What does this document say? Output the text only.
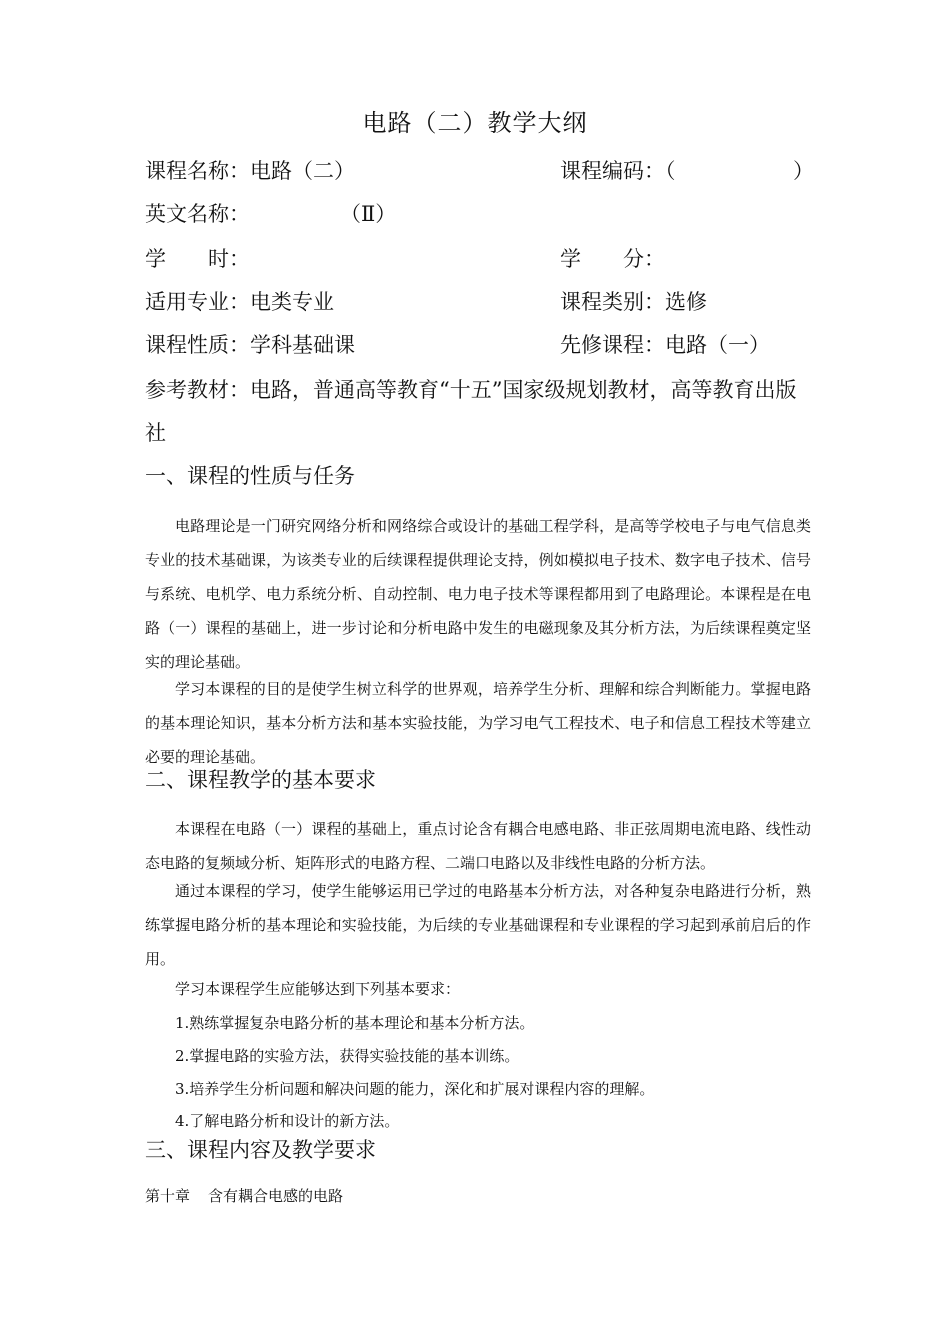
电路（二）教学大纲
课程名称：电路（二）	课程编码：（	）
英文名称：	（Ⅱ）
学　　时：	学　　分：
适用专业：电类专业	课程类别：选修
课程性质：学科基础课	先修课程：电路（一）
参考教材：电路，普通高等教育“十五”国家级规划教材，高等教育出版社
一、课程的性质与任务
电路理论是一门研究网络分析和网络综合或设计的基础工程学科，是高等学校电子与电气信息类专业的技术基础课，为该类专业的后续课程提供理论支持，例如模拟电子技术、数字电子技术、信号与系统、电机学、电力系统分析、自动控制、电力电子技术等课程都用到了电路理论。本课程是在电路（一）课程的基础上，进一步讨论和分析电路中发生的电磁现象及其分析方法，为后续课程奠定坚实的理论基础。
学习本课程的目的是使学生树立科学的世界观，培养学生分析、理解和综合判断能力。掌握电路的基本理论知识，基本分析方法和基本实验技能，为学习电气工程技术、电子和信息工程技术等建立必要的理论基础。
二、课程教学的基本要求
本课程在电路（一）课程的基础上，重点讨论含有耦合电感电路、非正弦周期电流电路、线性动态电路的复频域分析、矩阵形式的电路方程、二端口电路以及非线性电路的分析方法。
通过本课程的学习，使学生能够运用已学过的电路基本分析方法，对各种复杂电路进行分析，熟练掌握电路分析的基本理论和实验技能，为后续的专业基础课程和专业课程的学习起到承前启后的作用。
学习本课程学生应能够达到下列基本要求：
1.熟练掌握复杂电路分析的基本理论和基本分析方法。
2.掌握电路的实验方法，获得实验技能的基本训练。
3.培养学生分析问题和解决问题的能力，深化和扩展对课程内容的理解。
4.了解电路分析和设计的新方法。
三、课程内容及教学要求
第十章 含有耦合电感的电路
